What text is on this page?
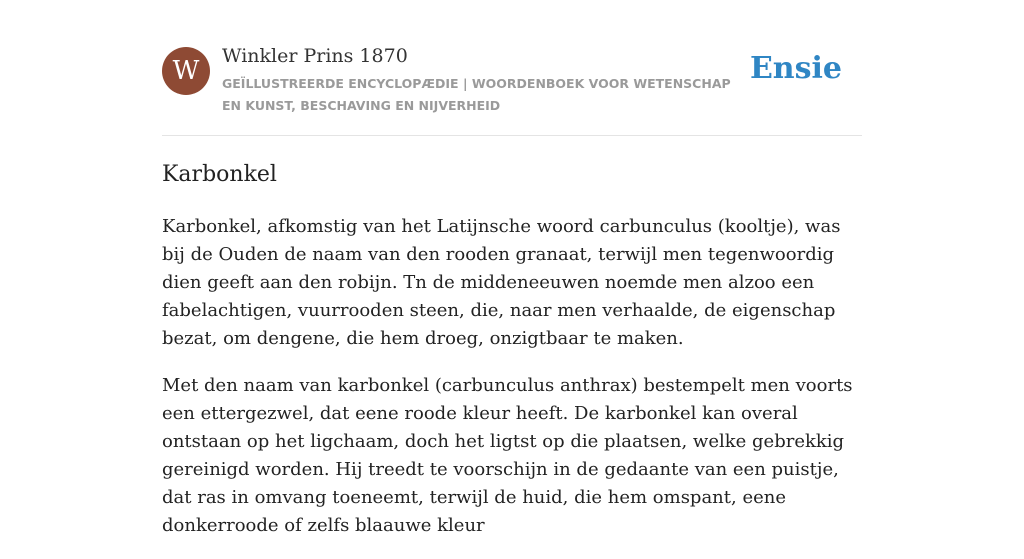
W	Winkler Prins 1870
GEÏLLUSTREERDE ENCYCLOPÆDIE | WOORDENBOEK VOOR WETENSCHAP EN KUNST, BESCHAVING EN NIJVERHEID
Ensie
Karbonkel

Karbonkel, afkomstig van het Latijnsche woord carbunculus (kooltje), was bij de Ouden de naam van den rooden granaat, terwijl men tegenwoordig dien geeft aan den robijn. Tn de middeneeuwen noemde men alzoo een fabelachtigen, vuurrooden steen, die, naar men verhaalde, de eigenschap bezat, om dengene, die hem droeg, onzigtbaar te maken.

Met den naam van karbonkel (carbunculus anthrax) bestempelt men voorts een ettergezwel, dat eene roode kleur heeft. De karbonkel kan overal ontstaan op het ligchaam, doch het ligtst op die plaatsen, welke gebrekkig gereinigd worden. Hij treedt te voorschijn in de gedaante van een puistje, dat ras in omvang toeneemt, terwijl de huid, die hem omspant, eene donkerroode of zelfs blaauwe kleur
